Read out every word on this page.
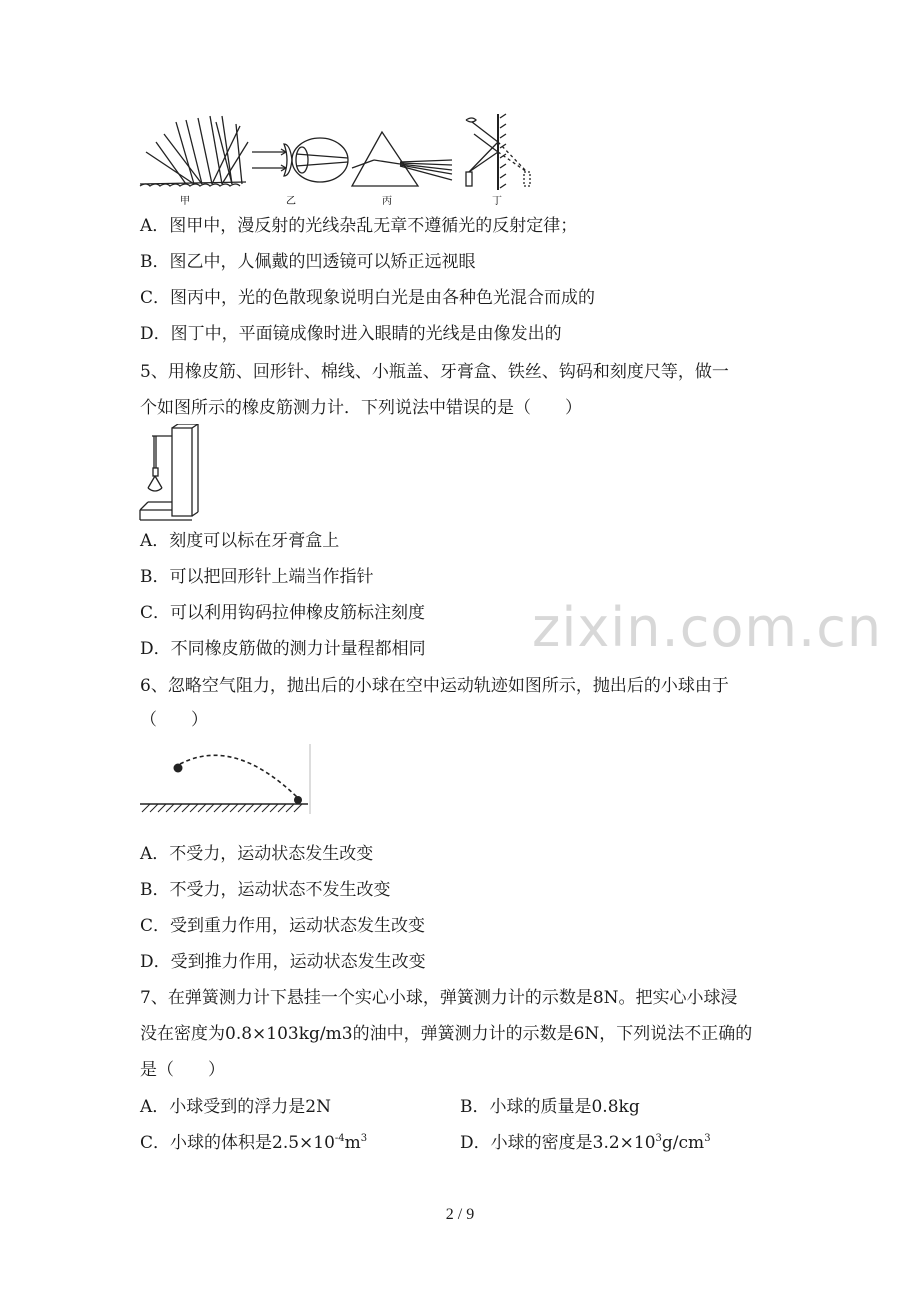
甲	乙	丙	丁
A．图甲中，漫反射的光线杂乱无章不遵循光的反射定律；
B．图乙中，人佩戴的凹透镜可以矫正远视眼
C．图丙中，光的色散现象说明白光是由各种色光混合而成的
D．图丁中，平面镜成像时进入眼睛的光线是由像发出的
5、用橡皮筋、回形针、棉线、小瓶盖、牙膏盒、铁丝、钩码和刻度尺等，做一
个如图所示的橡皮筋测力计．下列说法中错误的是（　　）
A．刻度可以标在牙膏盒上
B．可以把回形针上端当作指针
C．可以利用钩码拉伸橡皮筋标注刻度
D．不同橡皮筋做的测力计量程都相同
6、忽略空气阻力，抛出后的小球在空中运动轨迹如图所示，抛出后的小球由于
（　　）
A．不受力，运动状态发生改变
B．不受力，运动状态不发生改变
C．受到重力作用，运动状态发生改变
D．受到推力作用，运动状态发生改变
7、在弹簧测力计下悬挂一个实心小球，弹簧测力计的示数是8N。把实心小球浸
没在密度为0.8×103kg/m3的油中，弹簧测力计的示数是6N，下列说法不正确的
是（　　）
A．小球受到的浮力是2N	B．小球的质量是0.8kg
C．小球的体积是$2.5\times 10^{-4}m^3$	D．小球的密度是$3.2\times 10^3g/cm^3$
zixin.com.cn
2 / 9
